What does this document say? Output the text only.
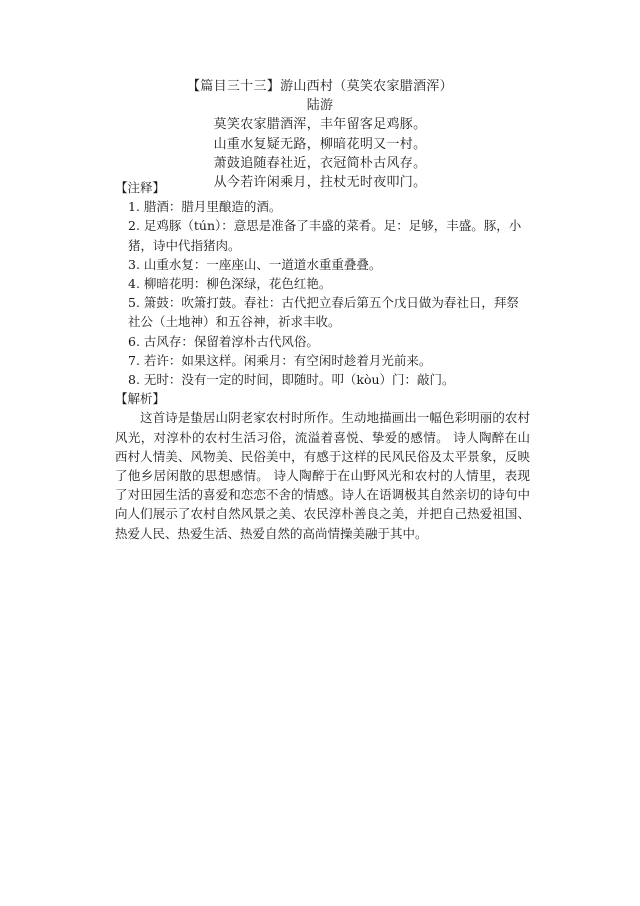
【篇目三十三】游山西村（莫笑农家腊酒浑）
陆游
莫笑农家腊酒浑，丰年留客足鸡豚。
山重水复疑无路，柳暗花明又一村。
萧鼓追随春社近，衣冠简朴古风存。
从今若许闲乘月，拄杖无时夜叩门。
【注释】
1. 腊酒：腊月里酿造的酒。
2. 足鸡豚（tún）：意思是准备了丰盛的菜肴。足：足够，丰盛。豚，小猪，诗中代指猪肉。
3. 山重水复：一座座山、一道道水重重叠叠。
4. 柳暗花明：柳色深绿，花色红艳。
5. 箫鼓：吹箫打鼓。春社：古代把立春后第五个戊日做为春社日，拜祭社公（土地神）和五谷神，祈求丰收。
6. 古风存：保留着淳朴古代风俗。
7. 若许：如果这样。闲乘月：有空闲时趁着月光前来。
8. 无时：没有一定的时间，即随时。叩（kòu）门：敲门。
【解析】
这首诗是蛰居山阴老家农村时所作。生动地描画出一幅色彩明丽的农村风光，对淳朴的农村生活习俗，流溢着喜悦、挚爱的感情。 诗人陶醉在山西村人情美、风物美、民俗美中，有感于这样的民风民俗及太平景象，反映了他乡居闲散的思想感情。 诗人陶醉于在山野风光和农村的人情里，表现了对田园生活的喜爱和恋恋不舍的情感。诗人在语调极其自然亲切的诗句中向人们展示了农村自然风景之美、农民淳朴善良之美，并把自己热爱祖国、热爱人民、热爱生活、热爱自然的高尚情操美融于其中。
